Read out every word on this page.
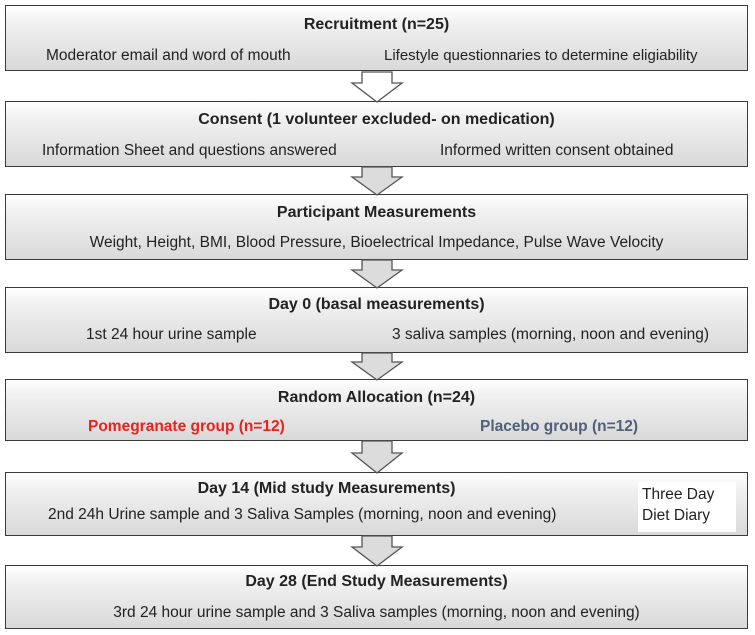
Recruitment (n=25)
Moderator email and word of mouth	Lifestyle questionnaries to determine eligiability
Consent (1 volunteer excluded- on medication)
Information Sheet and questions answered	Informed written consent obtained
Participant Measurements
Weight, Height, BMI, Blood Pressure, Bioelectrical Impedance, Pulse Wave Velocity
Day 0 (basal measurements)
1st 24 hour urine sample	3 saliva samples (morning, noon and evening)
Random Allocation (n=24)
Pomegranate group (n=12)	Placebo group (n=12)
Day 14 (Mid study Measurements)
2nd 24h Urine sample and 3 Saliva Samples (morning, noon and evening)
Three Day
Diet Diary
Day 28 (End Study Measurements)
3rd 24 hour urine sample and 3 Saliva samples (morning, noon and evening)
